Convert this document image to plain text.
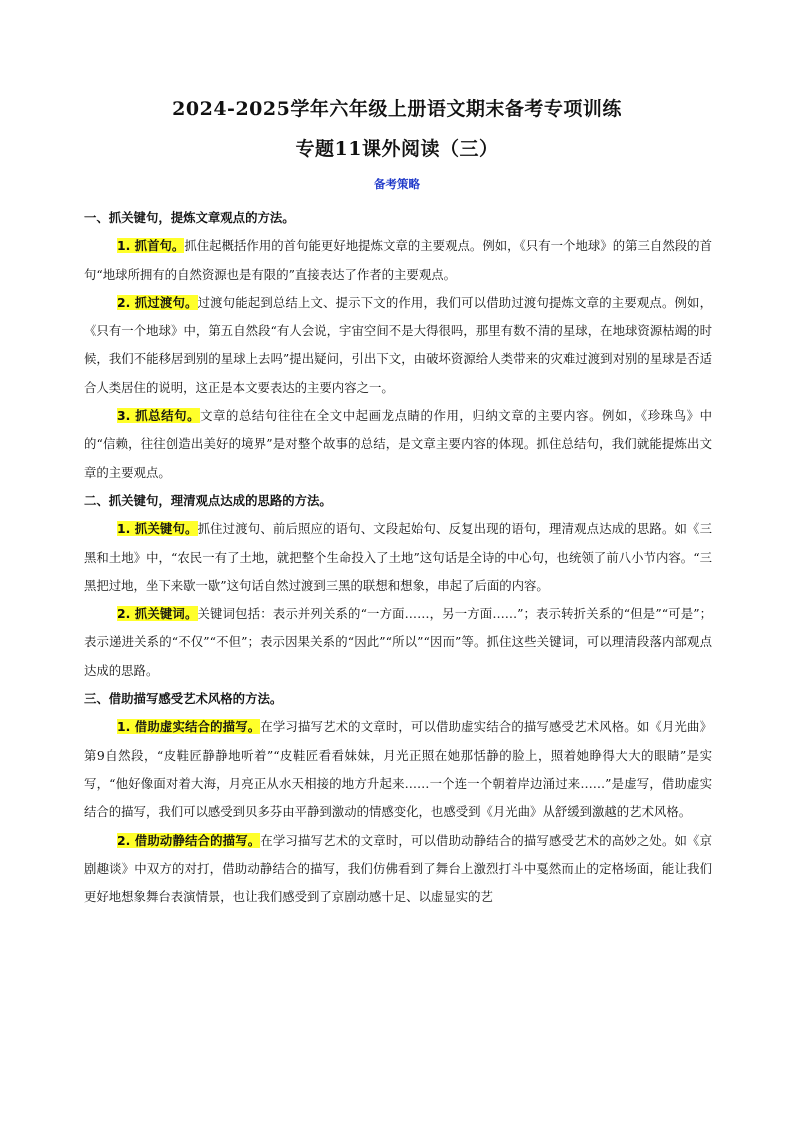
2024-2025学年六年级上册语文期末备考专项训练
专题11课外阅读（三）
备考策略

一、抓关键句，提炼文章观点的方法。

1. 抓首句。抓住起概括作用的首句能更好地提炼文章的主要观点。例如，《只有一个地球》的第三自然段的首句“地球所拥有的自然资源也是有限的”直接表达了作者的主要观点。

2. 抓过渡句。过渡句能起到总结上文、提示下文的作用，我们可以借助过渡句提炼文章的主要观点。例如，《只有一个地球》中，第五自然段“有人会说，宇宙空间不是大得很吗，那里有数不清的星球，在地球资源枯竭的时候，我们不能移居到别的星球上去吗”提出疑问，引出下文，由破坏资源给人类带来的灾难过渡到对别的星球是否适合人类居住的说明，这正是本文要表达的主要内容之一。

3. 抓总结句。文章的总结句往往在全文中起画龙点睛的作用，归纳文章的主要内容。例如，《珍珠鸟》中的“信赖，往往创造出美好的境界”是对整个故事的总结，是文章主要内容的体现。抓住总结句，我们就能提炼出文章的主要观点。

二、抓关键句，理清观点达成的思路的方法。

1. 抓关键句。抓住过渡句、前后照应的语句、文段起始句、反复出现的语句，理清观点达成的思路。如《三黑和土地》中，“农民一有了土地，就把整个生命投入了土地”这句话是全诗的中心句，也统领了前八小节内容。“三黑把过地，坐下来歇一歇”这句话自然过渡到三黑的联想和想象，串起了后面的内容。

2. 抓关键词。关键词包括：表示并列关系的“一方面……，另一方面……”；表示转折关系的“但是”“可是”；表示递进关系的“不仅”“不但”；表示因果关系的“因此”“所以”“因而”等。抓住这些关键词，可以理清段落内部观点达成的思路。

三、借助描写感受艺术风格的方法。

1. 借助虚实结合的描写。在学习描写艺术的文章时，可以借助虚实结合的描写感受艺术风格。如《月光曲》第9自然段，“皮鞋匠静静地听着”“皮鞋匠看看妹妹，月光正照在她那恬静的脸上，照着她睁得大大的眼睛”是实写，“他好像面对着大海，月亮正从水天相接的地方升起来……一个连一个朝着岸边涌过来……”是虚写，借助虚实结合的描写，我们可以感受到贝多芬由平静到激动的情感变化，也感受到《月光曲》从舒缓到激越的艺术风格。

2. 借助动静结合的描写。在学习描写艺术的文章时，可以借助动静结合的描写感受艺术的高妙之处。如《京剧趣谈》中双方的对打，借助动静结合的描写，我们仿佛看到了舞台上激烈打斗中戛然而止的定格场面，能让我们更好地想象舞台表演情景，也让我们感受到了京剧动感十足、以虚显实的艺
